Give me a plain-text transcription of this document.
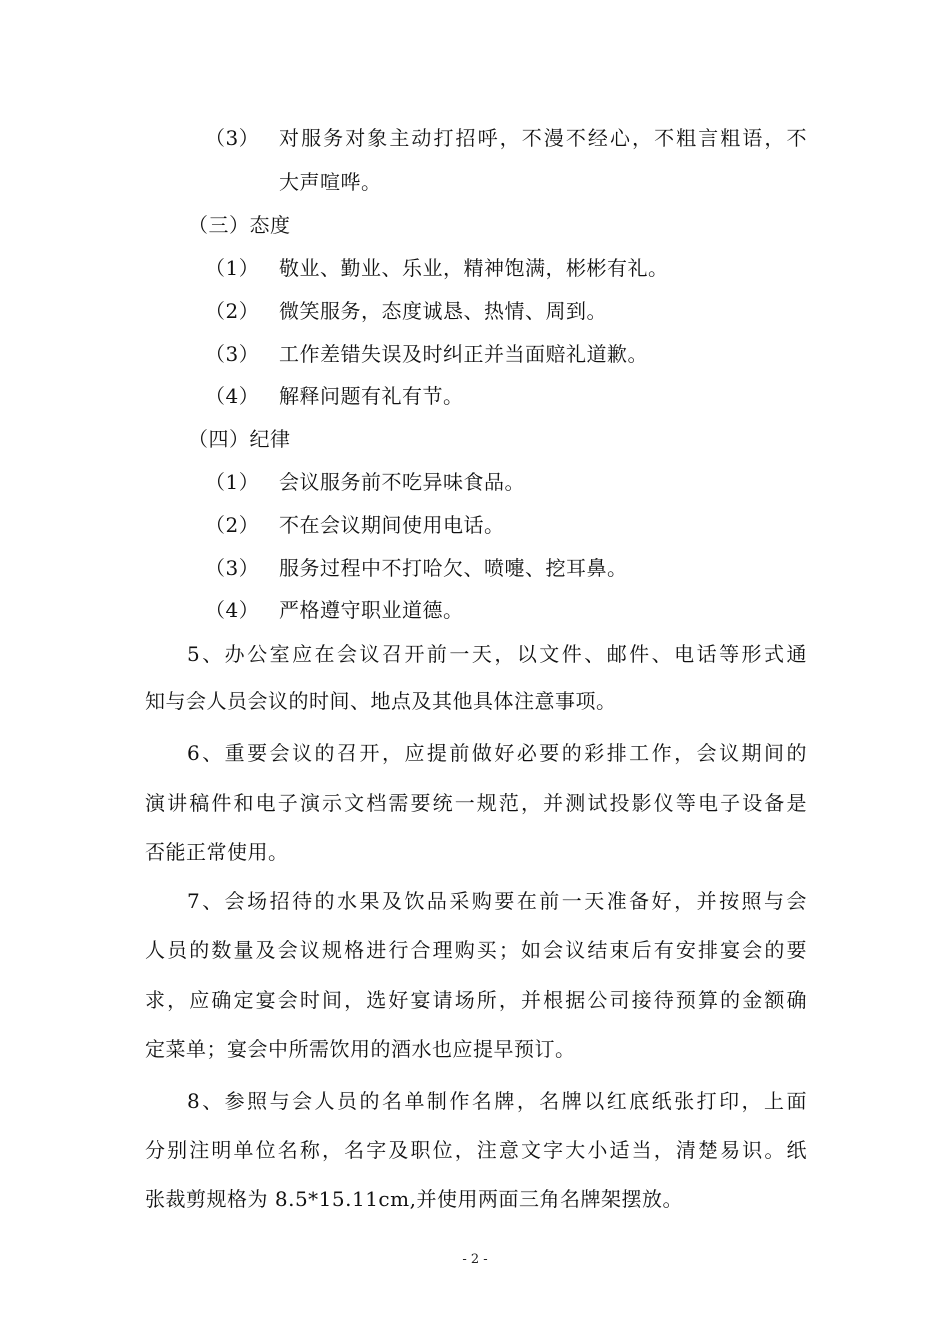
（3） 对服务对象主动打招呼，不漫不经心，不粗言粗语，不
大声喧哗。
（三）态度
（1） 敬业、勤业、乐业，精神饱满，彬彬有礼。
（2） 微笑服务，态度诚恳、热情、周到。
（3） 工作差错失误及时纠正并当面赔礼道歉。
（4） 解释问题有礼有节。
（四）纪律
（1） 会议服务前不吃异味食品。
（2） 不在会议期间使用电话。
（3） 服务过程中不打哈欠、喷嚏、挖耳鼻。
（4） 严格遵守职业道德。
5、办公室应在会议召开前一天，以文件、邮件、电话等形式通
知与会人员会议的时间、地点及其他具体注意事项。
6、重要会议的召开，应提前做好必要的彩排工作，会议期间的
演讲稿件和电子演示文档需要统一规范，并测试投影仪等电子设备是
否能正常使用。
7、会场招待的水果及饮品采购要在前一天准备好，并按照与会
人员的数量及会议规格进行合理购买；如会议结束后有安排宴会的要
求，应确定宴会时间，选好宴请场所，并根据公司接待预算的金额确
定菜单；宴会中所需饮用的酒水也应提早预订。
8、参照与会人员的名单制作名牌，名牌以红底纸张打印，上面
分别注明单位名称，名字及职位，注意文字大小适当，清楚易识。纸
张裁剪规格为 8.5*15.11cm,并使用两面三角名牌架摆放。
- 2 -
